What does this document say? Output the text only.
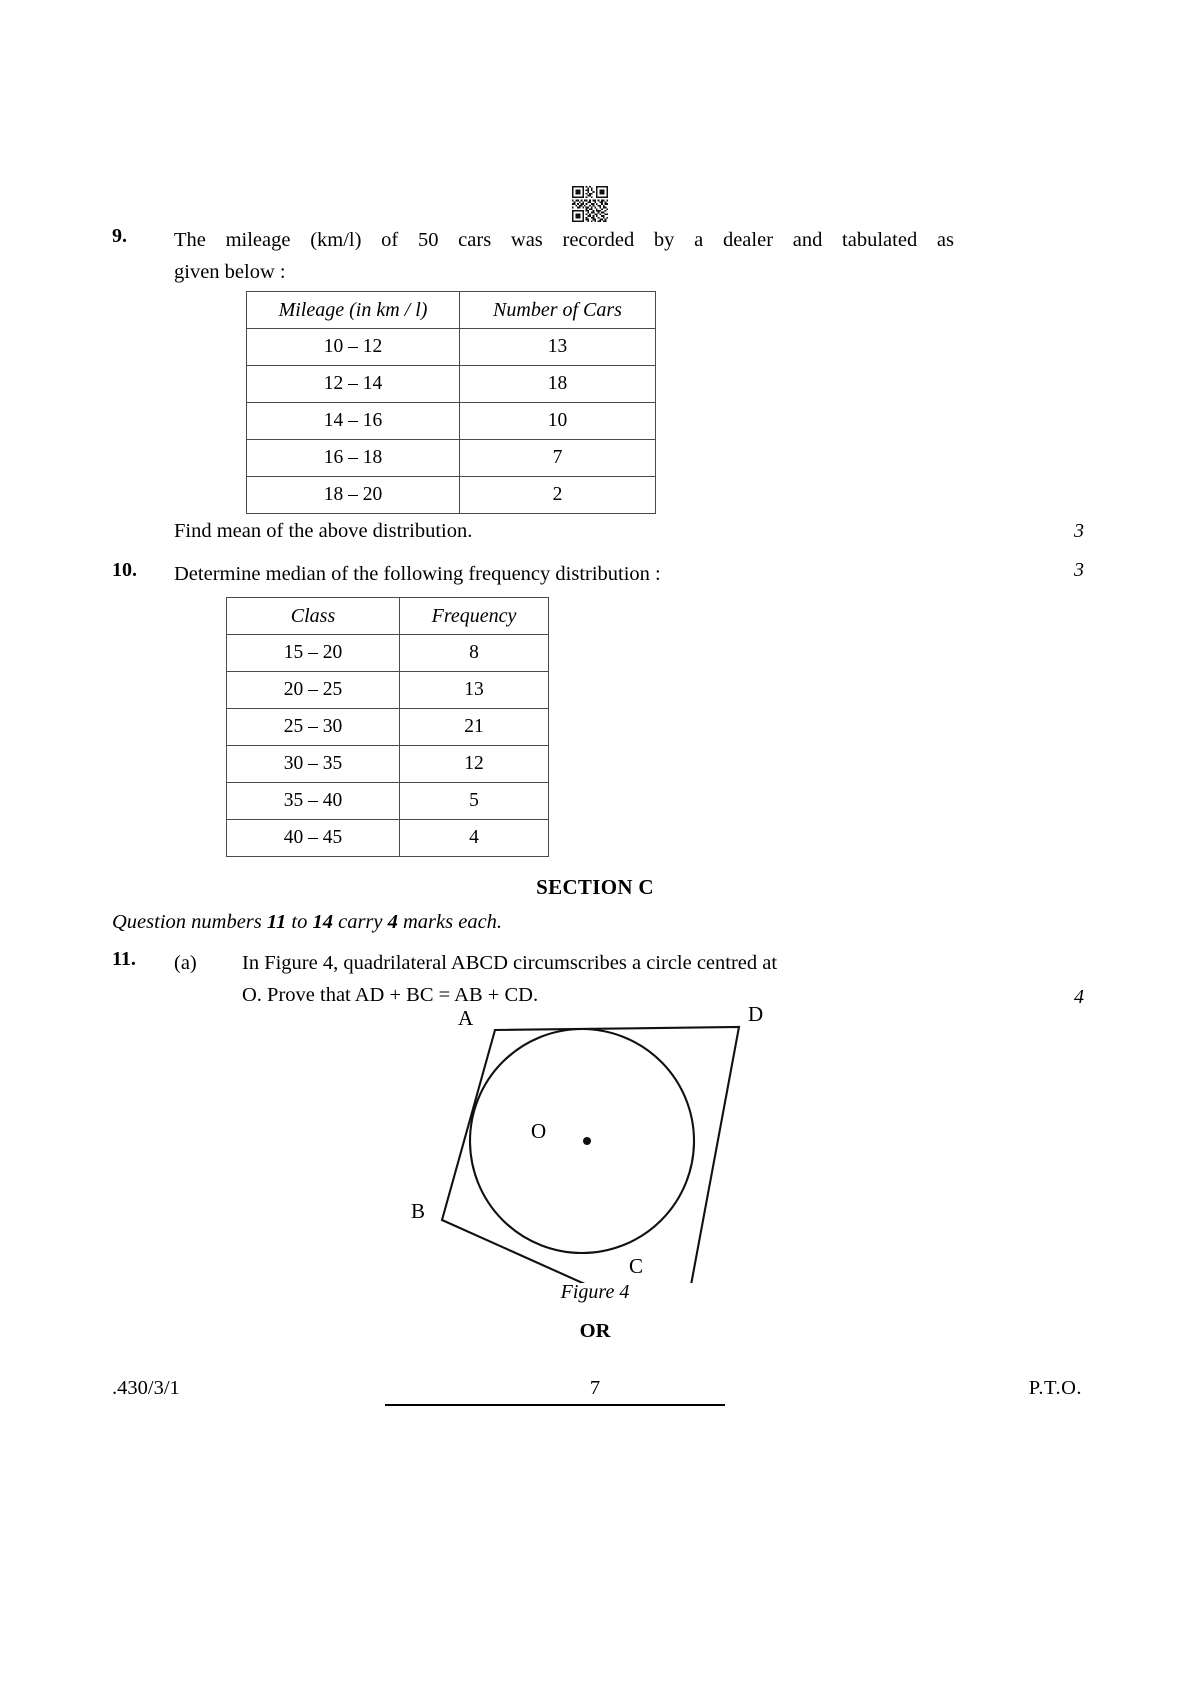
9.	The mileage (km/l) of 50 cars was recorded by a dealer and tabulated as
given below :
Mileage (in km / l)	Number of Cars
10 – 12	13
12 – 14	18
14 – 16	10
16 – 18	7
18 – 20	2
Find mean of the above distribution.	3
10.	Determine median of the following frequency distribution :	3
Class	Frequency
15 – 20	8
20 – 25	13
25 – 30	21
30 – 35	12
35 – 40	5
40 – 45	4
SECTION C
Question numbers 11 to 14 carry 4 marks each.
11.	(a) In Figure 4, quadrilateral ABCD circumscribes a circle centred at
O. Prove that AD + BC = AB + CD.	4
A	D
B
C
O
Figure 4
OR
.430/3/1	7	P.T.O.
